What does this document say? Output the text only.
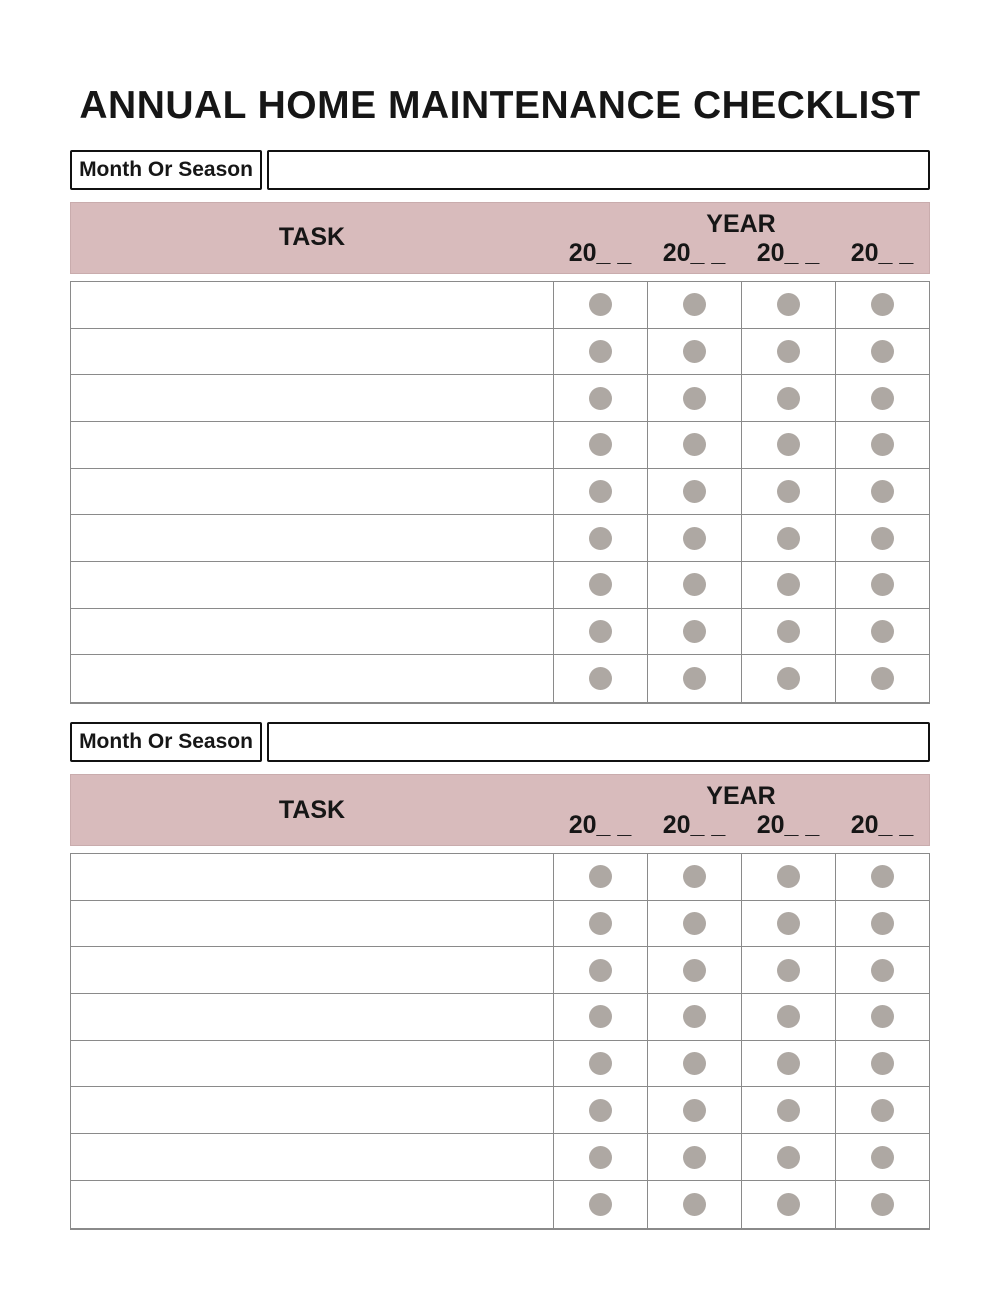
ANNUAL HOME MAINTENANCE CHECKLIST
Month Or Season
TASK	YEAR
20_ _	20_ _	20_ _	20_ _
Month Or Season
TASK	YEAR
20_ _	20_ _	20_ _	20_ _
